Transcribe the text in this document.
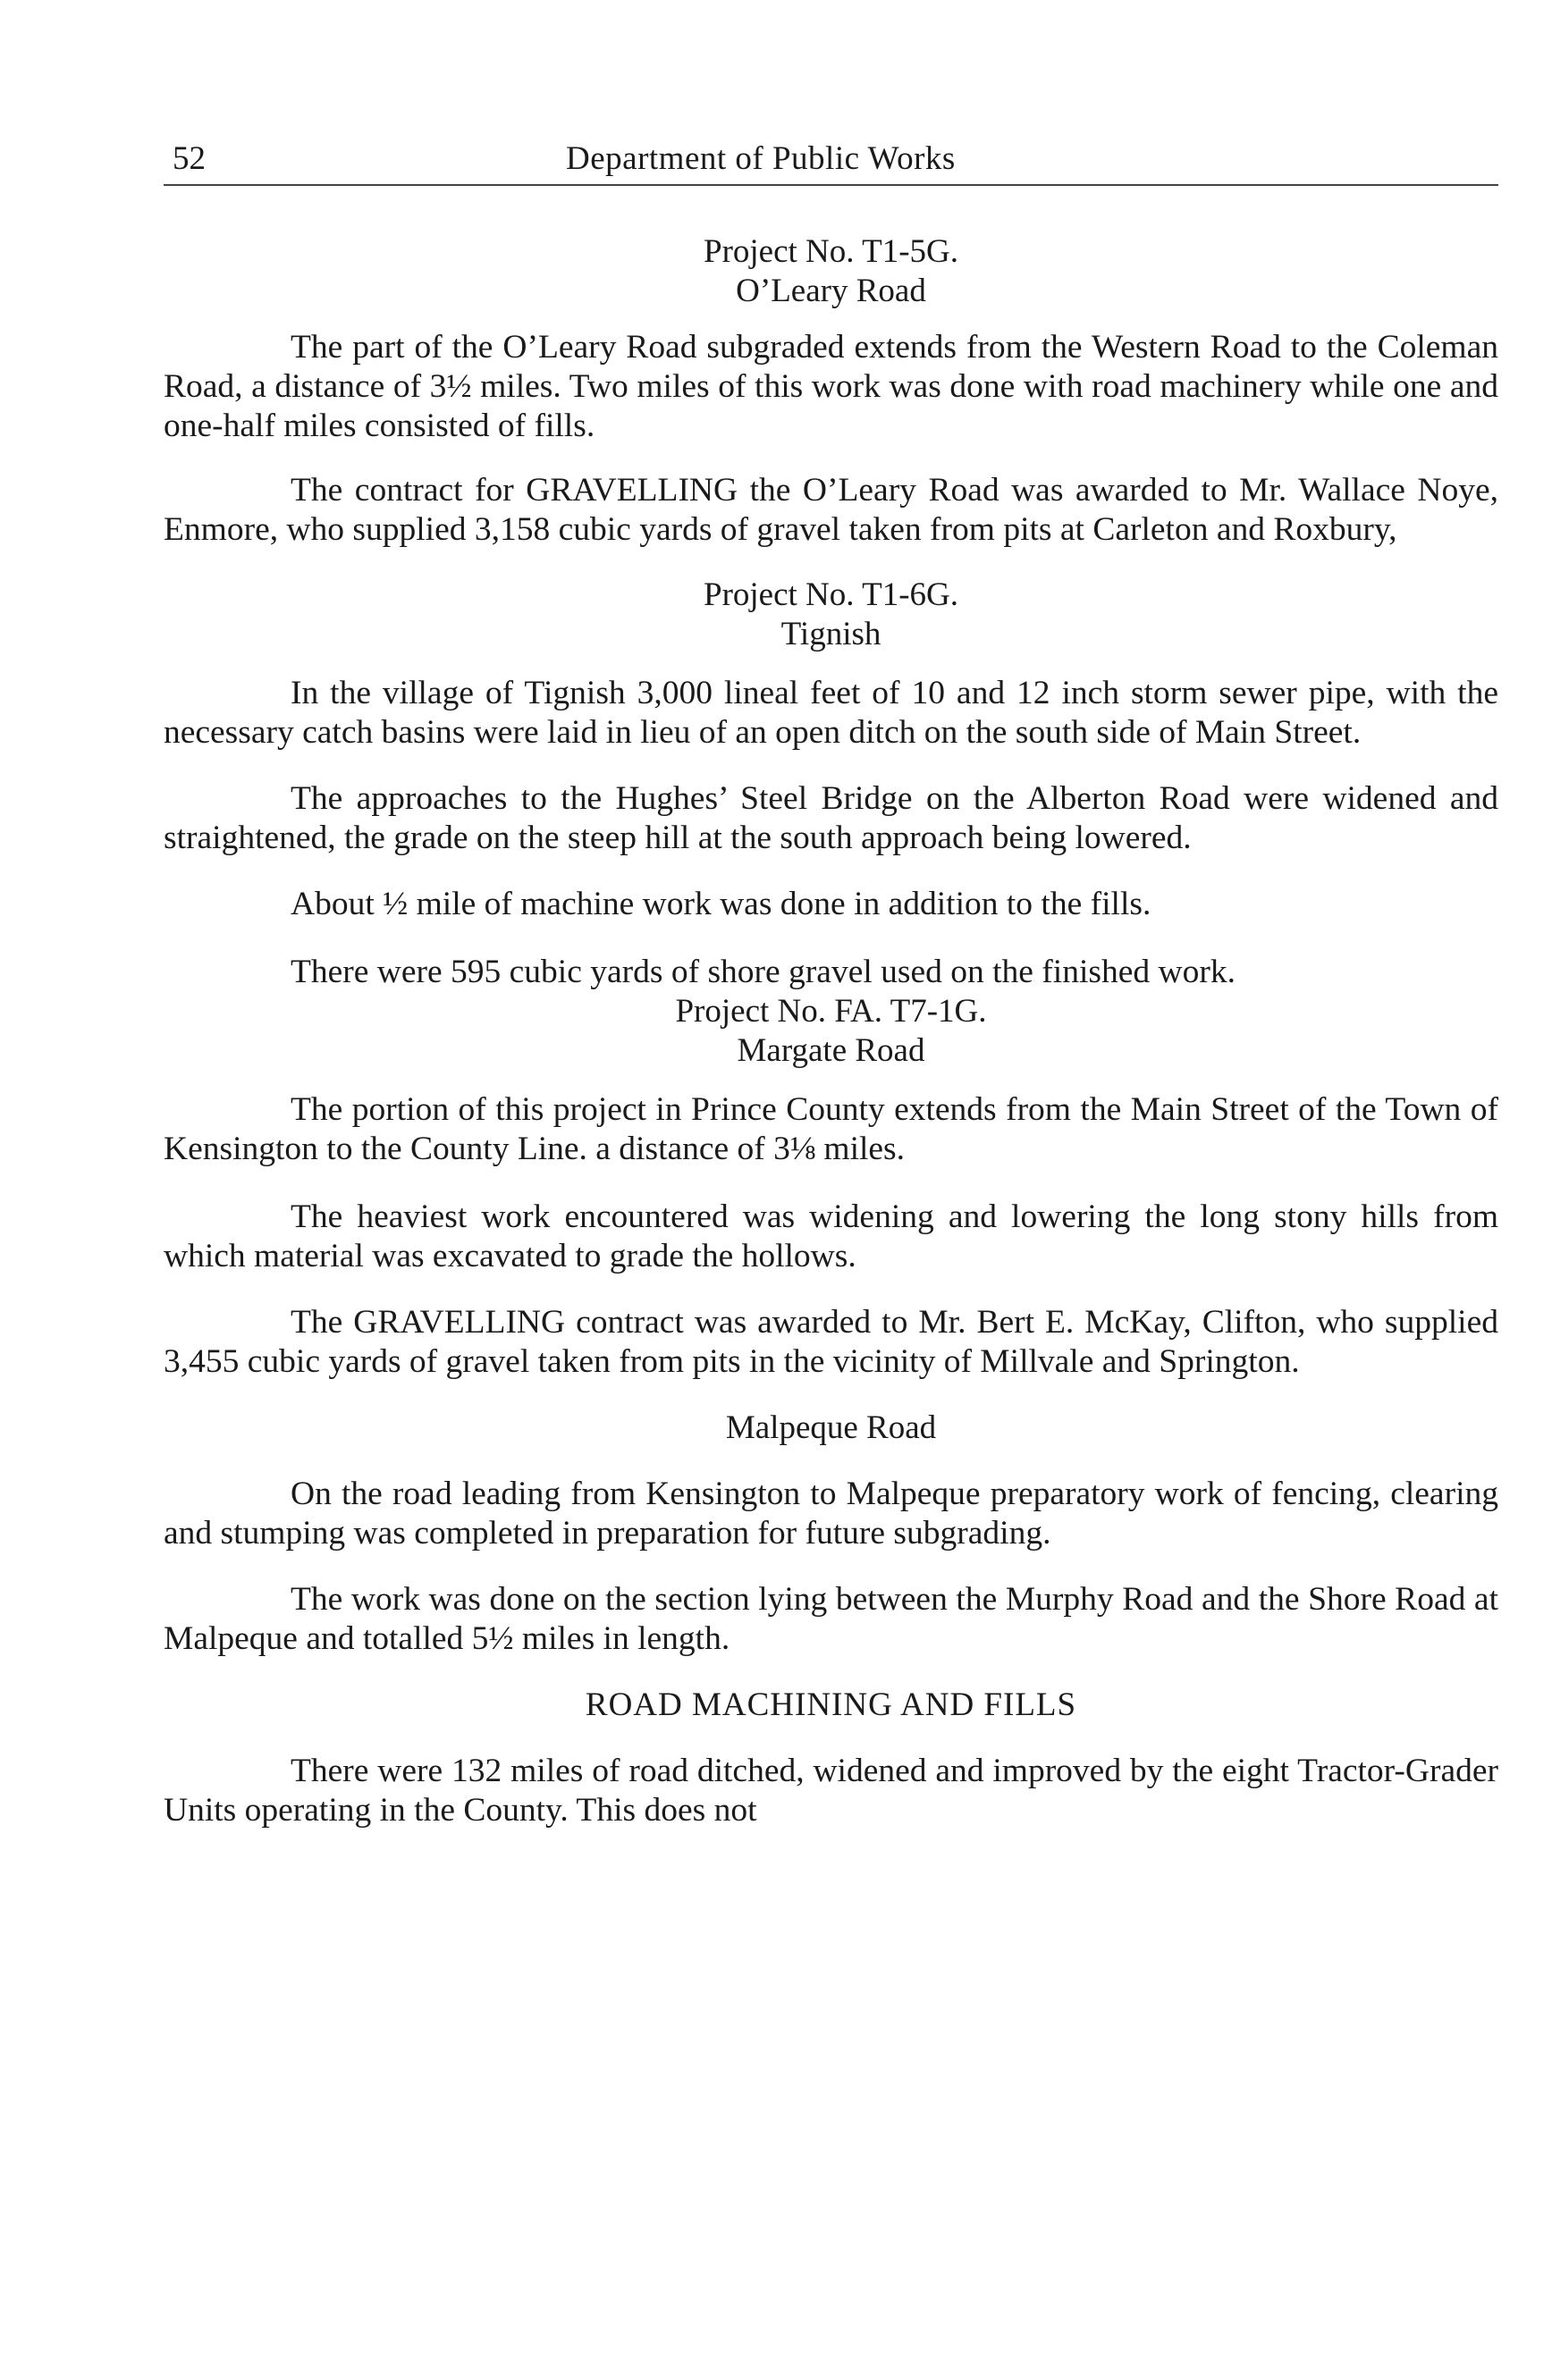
52	Department of Public Works
Project No. T1-5G.
O’Leary Road

The part of the O’Leary Road subgraded extends from the Western Road to the Coleman Road, a distance of 3½ miles. Two miles of this work was done with road machinery while one and one-half miles consisted of fills.

The contract for GRAVELLING the O’Leary Road was awarded to Mr. Wallace Noye, Enmore, who supplied 3,158 cubic yards of gravel taken from pits at Carleton and Roxbury,

Project No. T1-6G.
Tignish

In the village of Tignish 3,000 lineal feet of 10 and 12 inch storm sewer pipe, with the necessary catch basins were laid in lieu of an open ditch on the south side of Main Street.

The approaches to the Hughes’ Steel Bridge on the Alberton Road were widened and straightened, the grade on the steep hill at the south approach being lowered.

About ½ mile of machine work was done in addition to the fills.

There were 595 cubic yards of shore gravel used on the finished work.

Project No. FA. T7-1G.
Margate Road

The portion of this project in Prince County extends from the Main Street of the Town of Kensington to the County Line. a distance of 3⅛ miles.

The heaviest work encountered was widening and lowering the long stony hills from which material was excavated to grade the hollows.

The GRAVELLING contract was awarded to Mr. Bert E. McKay, Clifton, who supplied 3,455 cubic yards of gravel taken from pits in the vicinity of Millvale and Springton.

Malpeque Road

On the road leading from Kensington to Malpeque preparatory work of fencing, clearing and stumping was completed in preparation for future subgrading.

The work was done on the section lying between the Murphy Road and the Shore Road at Malpeque and totalled 5½ miles in length.

ROAD MACHINING AND FILLS

There were 132 miles of road ditched, widened and improved by the eight Tractor-Grader Units operating in the County. This does not
